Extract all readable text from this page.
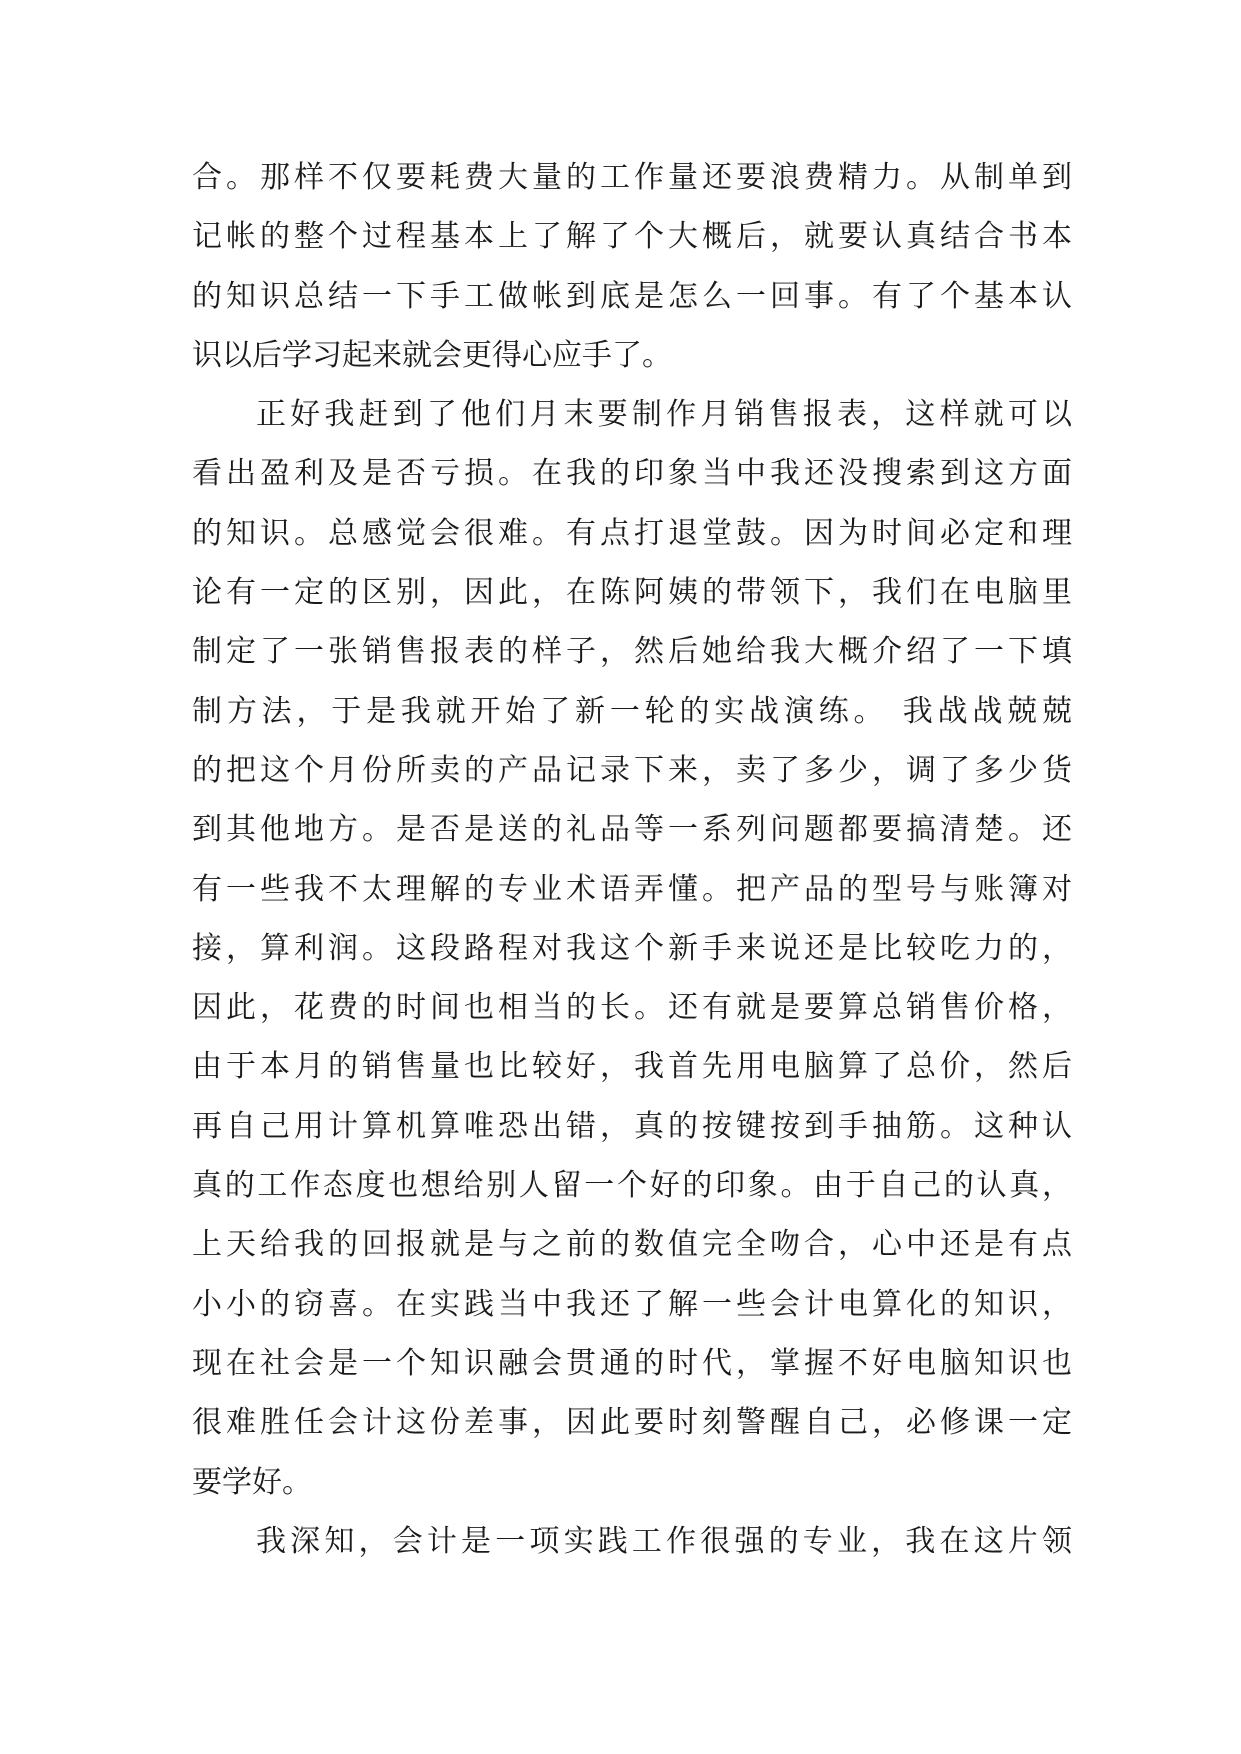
合。那样不仅要耗费大量的工作量还要浪费精力。从制单到
记帐的整个过程基本上了解了个大概后，就要认真结合书本
的知识总结一下手工做帐到底是怎么一回事。有了个基本认
识以后学习起来就会更得心应手了。
正好我赶到了他们月末要制作月销售报表，这样就可以
看出盈利及是否亏损。在我的印象当中我还没搜索到这方面
的知识。总感觉会很难。有点打退堂鼓。因为时间必定和理
论有一定的区别，因此，在陈阿姨的带领下，我们在电脑里
制定了一张销售报表的样子，然后她给我大概介绍了一下填
制方法，于是我就开始了新一轮的实战演练。 我战战兢兢
的把这个月份所卖的产品记录下来，卖了多少，调了多少货
到其他地方。是否是送的礼品等一系列问题都要搞清楚。还
有一些我不太理解的专业术语弄懂。把产品的型号与账簿对
接，算利润。这段路程对我这个新手来说还是比较吃力的，
因此，花费的时间也相当的长。还有就是要算总销售价格，
由于本月的销售量也比较好，我首先用电脑算了总价，然后
再自己用计算机算唯恐出错，真的按键按到手抽筋。这种认
真的工作态度也想给别人留一个好的印象。由于自己的认真，
上天给我的回报就是与之前的数值完全吻合，心中还是有点
小小的窃喜。在实践当中我还了解一些会计电算化的知识，
现在社会是一个知识融会贯通的时代，掌握不好电脑知识也
很难胜任会计这份差事，因此要时刻警醒自己，必修课一定
要学好。
我深知，会计是一项实践工作很强的专业，我在这片领
